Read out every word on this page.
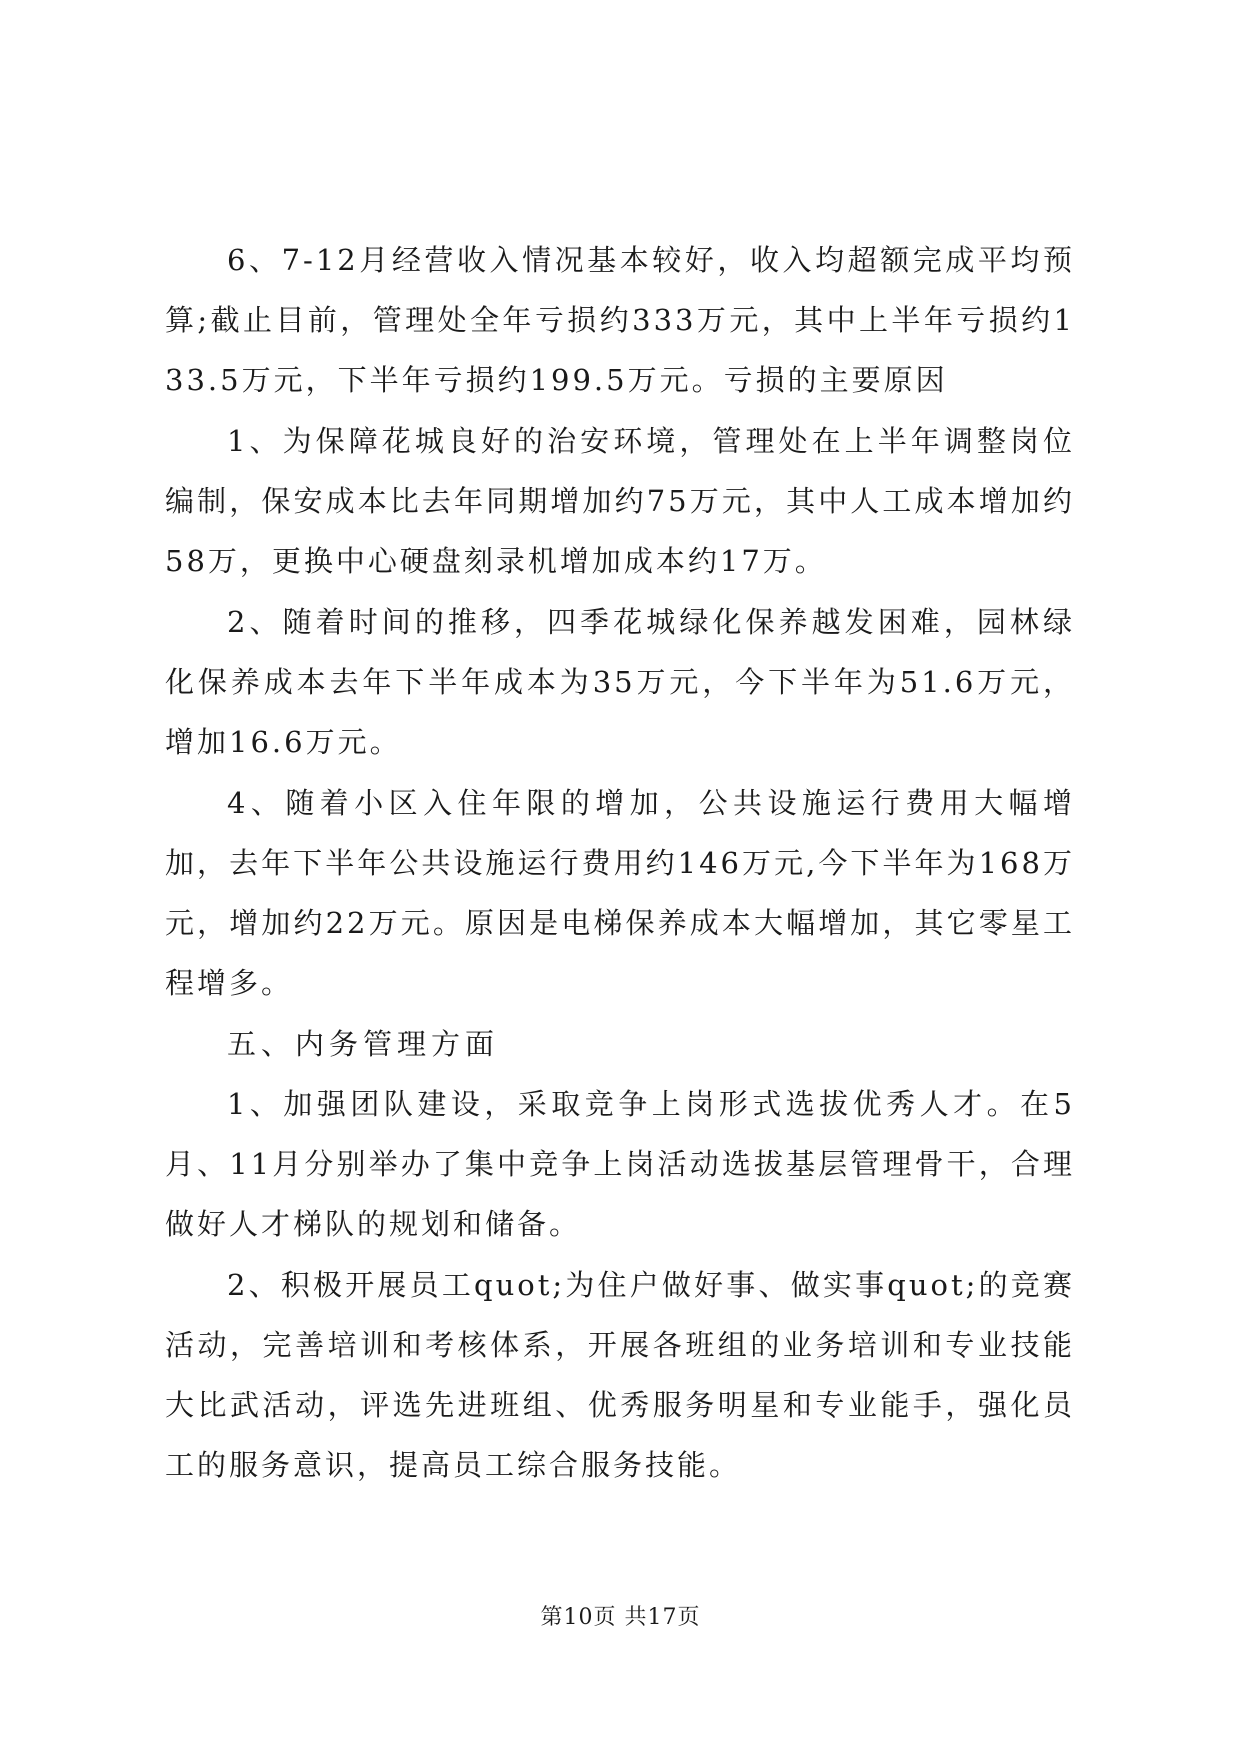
6、7-12月经营收入情况基本较好，收入均超额完成平均预算;截止目前，管理处全年亏损约333万元，其中上半年亏损约133.5万元，下半年亏损约199.5万元。亏损的主要原因

1、为保障花城良好的治安环境，管理处在上半年调整岗位编制，保安成本比去年同期增加约75万元，其中人工成本增加约58万，更换中心硬盘刻录机增加成本约17万。

2、随着时间的推移，四季花城绿化保养越发困难，园林绿化保养成本去年下半年成本为35万元，今下半年为51.6万元，增加16.6万元。

4、随着小区入住年限的增加，公共设施运行费用大幅增加，去年下半年公共设施运行费用约146万元,今下半年为168万元，增加约22万元。原因是电梯保养成本大幅增加，其它零星工程增多。

五、内务管理方面

1、加强团队建设，采取竞争上岗形式选拔优秀人才。在5月、11月分别举办了集中竞争上岗活动选拔基层管理骨干，合理做好人才梯队的规划和储备。

2、积极开展员工quot;为住户做好事、做实事quot;的竞赛活动，完善培训和考核体系，开展各班组的业务培训和专业技能大比武活动，评选先进班组、优秀服务明星和专业能手，强化员工的服务意识，提高员工综合服务技能。

第10页 共17页
